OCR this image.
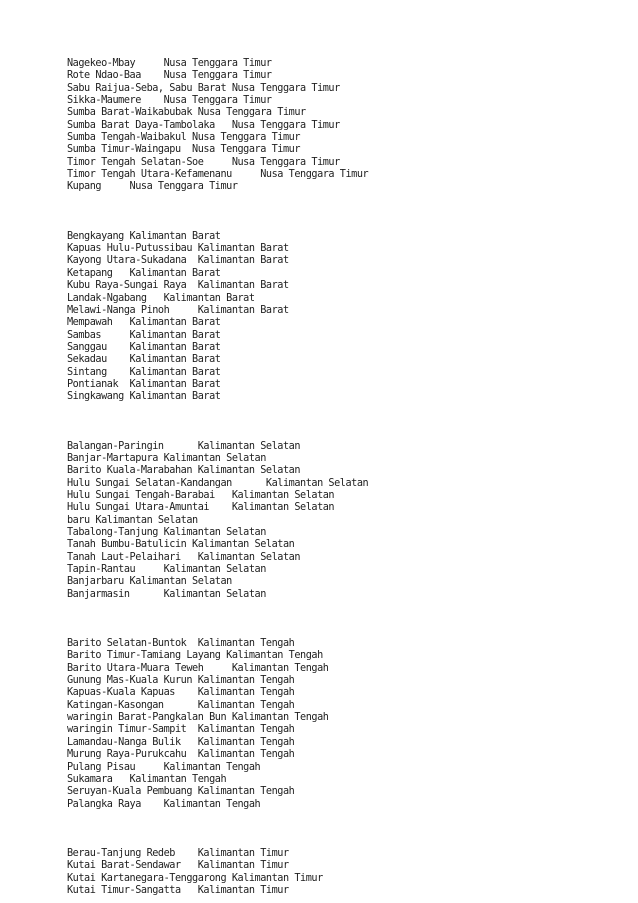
Nagekeo-Mbay     Nusa Tenggara Timur
Rote Ndao-Baa    Nusa Tenggara Timur
Sabu Raijua-Seba, Sabu Barat Nusa Tenggara Timur
Sikka-Maumere    Nusa Tenggara Timur
Sumba Barat-Waikabubak Nusa Tenggara Timur
Sumba Barat Daya-Tambolaka   Nusa Tenggara Timur
Sumba Tengah-Waibakul Nusa Tenggara Timur
Sumba Timur-Waingapu  Nusa Tenggara Timur
Timor Tengah Selatan-Soe     Nusa Tenggara Timur
Timor Tengah Utara-Kefamenanu     Nusa Tenggara Timur
Kupang     Nusa Tenggara Timur
Bengkayang Kalimantan Barat
Kapuas Hulu-Putussibau Kalimantan Barat
Kayong Utara-Sukadana  Kalimantan Barat
Ketapang   Kalimantan Barat
Kubu Raya-Sungai Raya  Kalimantan Barat
Landak-Ngabang   Kalimantan Barat
Melawi-Nanga Pinoh     Kalimantan Barat
Mempawah   Kalimantan Barat
Sambas     Kalimantan Barat
Sanggau    Kalimantan Barat
Sekadau    Kalimantan Barat
Sintang    Kalimantan Barat
Pontianak  Kalimantan Barat
Singkawang Kalimantan Barat
Balangan-Paringin      Kalimantan Selatan
Banjar-Martapura Kalimantan Selatan
Barito Kuala-Marabahan Kalimantan Selatan
Hulu Sungai Selatan-Kandangan      Kalimantan Selatan
Hulu Sungai Tengah-Barabai   Kalimantan Selatan
Hulu Sungai Utara-Amuntai    Kalimantan Selatan
baru Kalimantan Selatan
Tabalong-Tanjung Kalimantan Selatan
Tanah Bumbu-Batulicin Kalimantan Selatan
Tanah Laut-Pelaihari   Kalimantan Selatan
Tapin-Rantau     Kalimantan Selatan
Banjarbaru Kalimantan Selatan
Banjarmasin      Kalimantan Selatan
Barito Selatan-Buntok  Kalimantan Tengah
Barito Timur-Tamiang Layang Kalimantan Tengah
Barito Utara-Muara Teweh     Kalimantan Tengah
Gunung Mas-Kuala Kurun Kalimantan Tengah
Kapuas-Kuala Kapuas    Kalimantan Tengah
Katingan-Kasongan      Kalimantan Tengah
waringin Barat-Pangkalan Bun Kalimantan Tengah
waringin Timur-Sampit  Kalimantan Tengah
Lamandau-Nanga Bulik   Kalimantan Tengah
Murung Raya-Purukcahu  Kalimantan Tengah
Pulang Pisau     Kalimantan Tengah
Sukamara   Kalimantan Tengah
Seruyan-Kuala Pembuang Kalimantan Tengah
Palangka Raya    Kalimantan Tengah
Berau-Tanjung Redeb    Kalimantan Timur
Kutai Barat-Sendawar   Kalimantan Timur
Kutai Kartanegara-Tenggarong Kalimantan Timur
Kutai Timur-Sangatta   Kalimantan Timur
